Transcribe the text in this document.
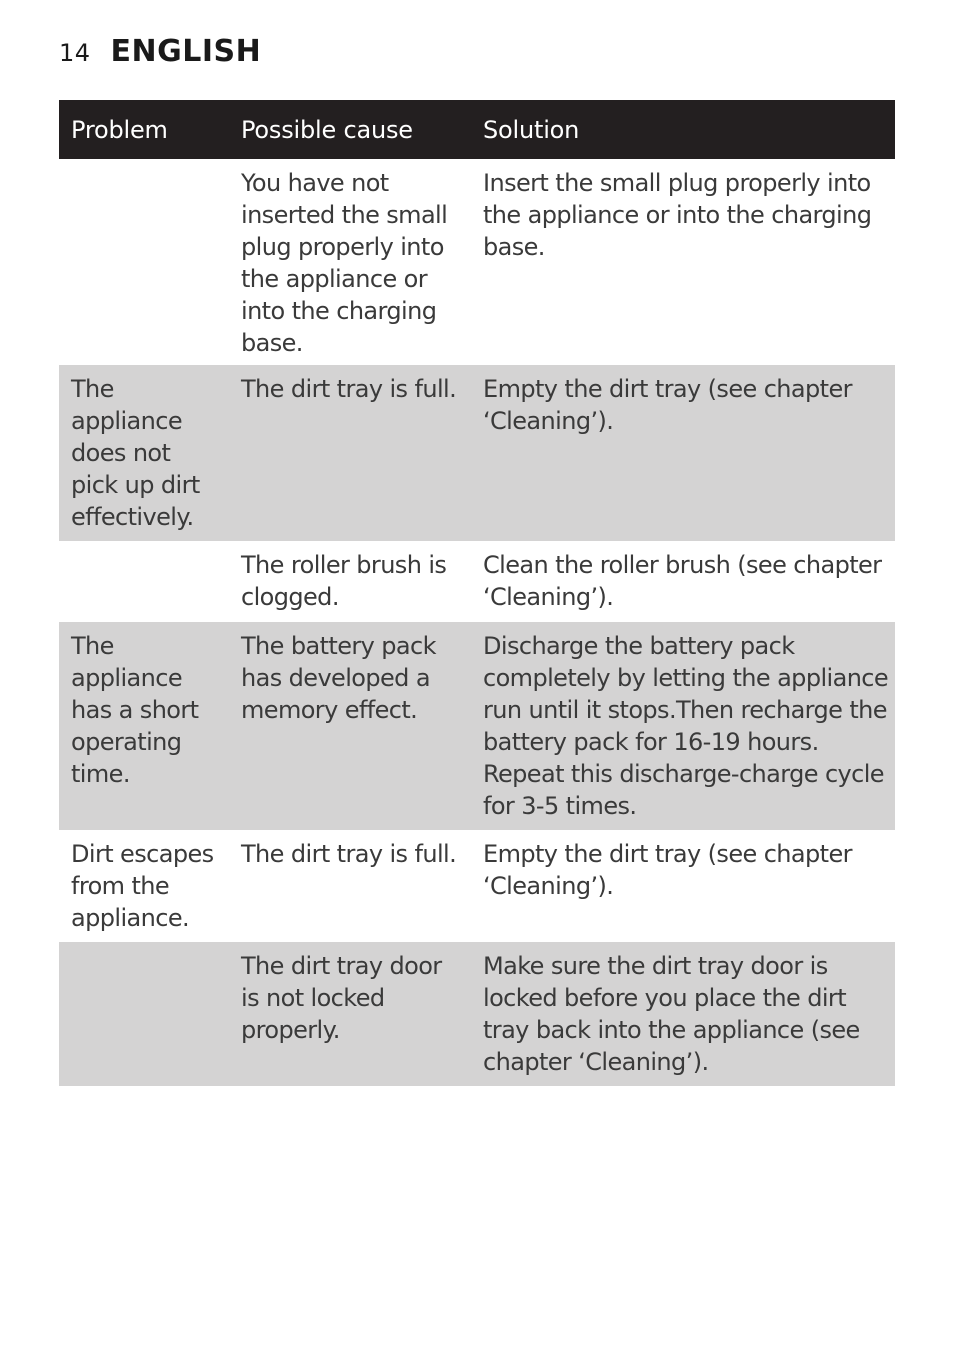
14 ENGLISH
Problem	Possible cause	Solution
	You have not inserted the small plug properly into the appliance or into the charging base.	Insert the small plug properly into the appliance or into the charging base.
The appliance does not pick up dirt effectively.	The dirt tray is full.	Empty the dirt tray (see chapter ‘Cleaning’).
	The roller brush is clogged.	Clean the roller brush (see chapter ‘Cleaning’).
The appliance has a short operating time.	The battery pack has developed a memory effect.	Discharge the battery pack completely by letting the appliance run until it stops.Then recharge the battery pack for 16-19 hours. Repeat this discharge-charge cycle for 3-5 times.
Dirt escapes from the appliance.	The dirt tray is full.	Empty the dirt tray (see chapter ‘Cleaning’).
	The dirt tray door is not locked properly.	Make sure the dirt tray door is locked before you place the dirt tray back into the appliance (see chapter ‘Cleaning’).
